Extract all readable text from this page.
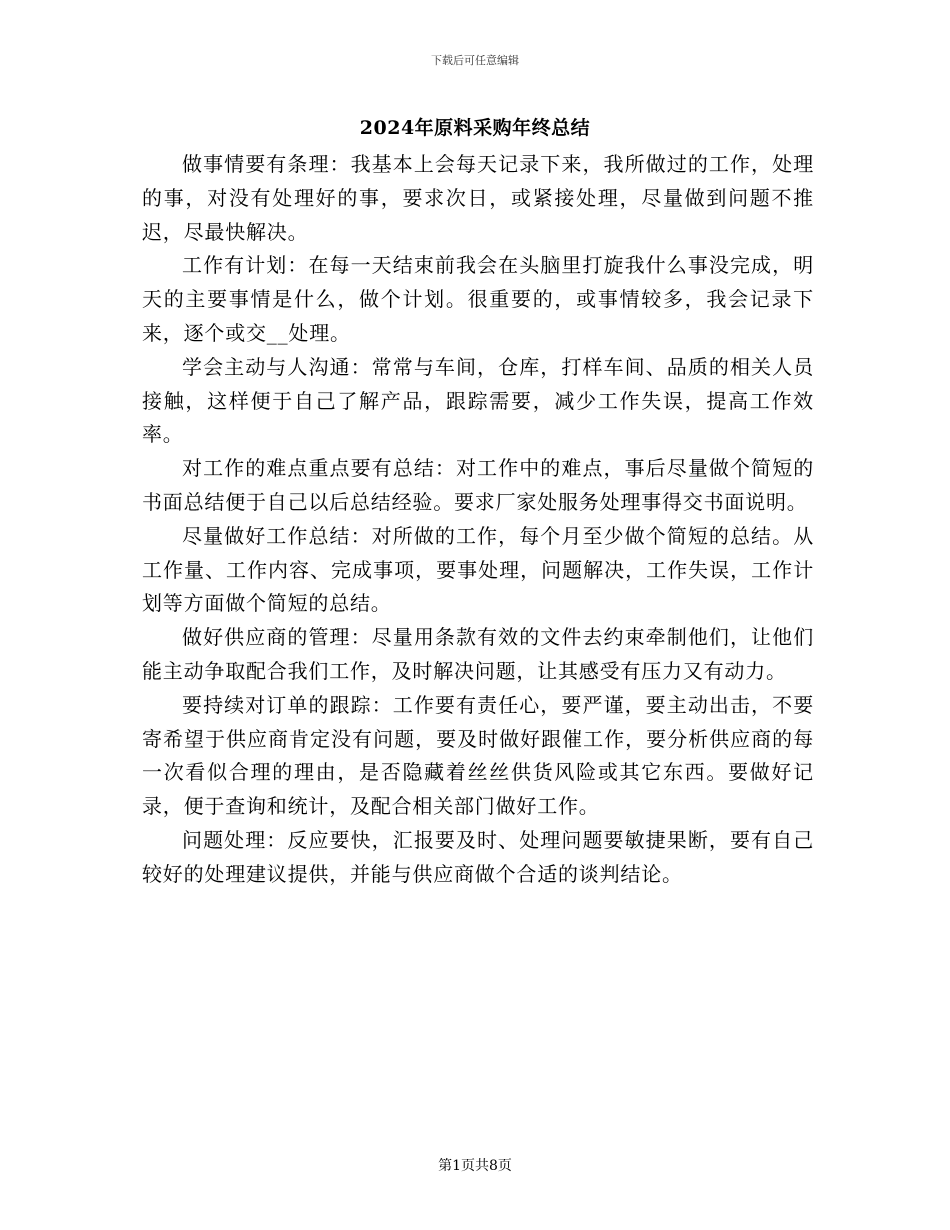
下载后可任意编辑
2024年原料采购年终总结

做事情要有条理：我基本上会每天记录下来，我所做过的工作，处理的事，对没有处理好的事，要求次日，或紧接处理，尽量做到问题不推迟，尽最快解决。

工作有计划：在每一天结束前我会在头脑里打旋我什么事没完成，明天的主要事情是什么，做个计划。很重要的，或事情较多，我会记录下来，逐个或交__处理。

学会主动与人沟通：常常与车间，仓库，打样车间、品质的相关人员接触，这样便于自己了解产品，跟踪需要，减少工作失误，提高工作效率。

对工作的难点重点要有总结：对工作中的难点，事后尽量做个简短的书面总结便于自己以后总结经验。要求厂家处服务处理事得交书面说明。

尽量做好工作总结：对所做的工作，每个月至少做个简短的总结。从工作量、工作内容、完成事项，要事处理，问题解决，工作失误，工作计划等方面做个简短的总结。

做好供应商的管理：尽量用条款有效的文件去约束牵制他们，让他们能主动争取配合我们工作，及时解决问题，让其感受有压力又有动力。

要持续对订单的跟踪：工作要有责任心，要严谨，要主动出击，不要寄希望于供应商肯定没有问题，要及时做好跟催工作，要分析供应商的每一次看似合理的理由，是否隐藏着丝丝供货风险或其它东西。要做好记录，便于查询和统计，及配合相关部门做好工作。

问题处理：反应要快，汇报要及时、处理问题要敏捷果断，要有自己较好的处理建议提供，并能与供应商做个合适的谈判结论。

第1页共8页
